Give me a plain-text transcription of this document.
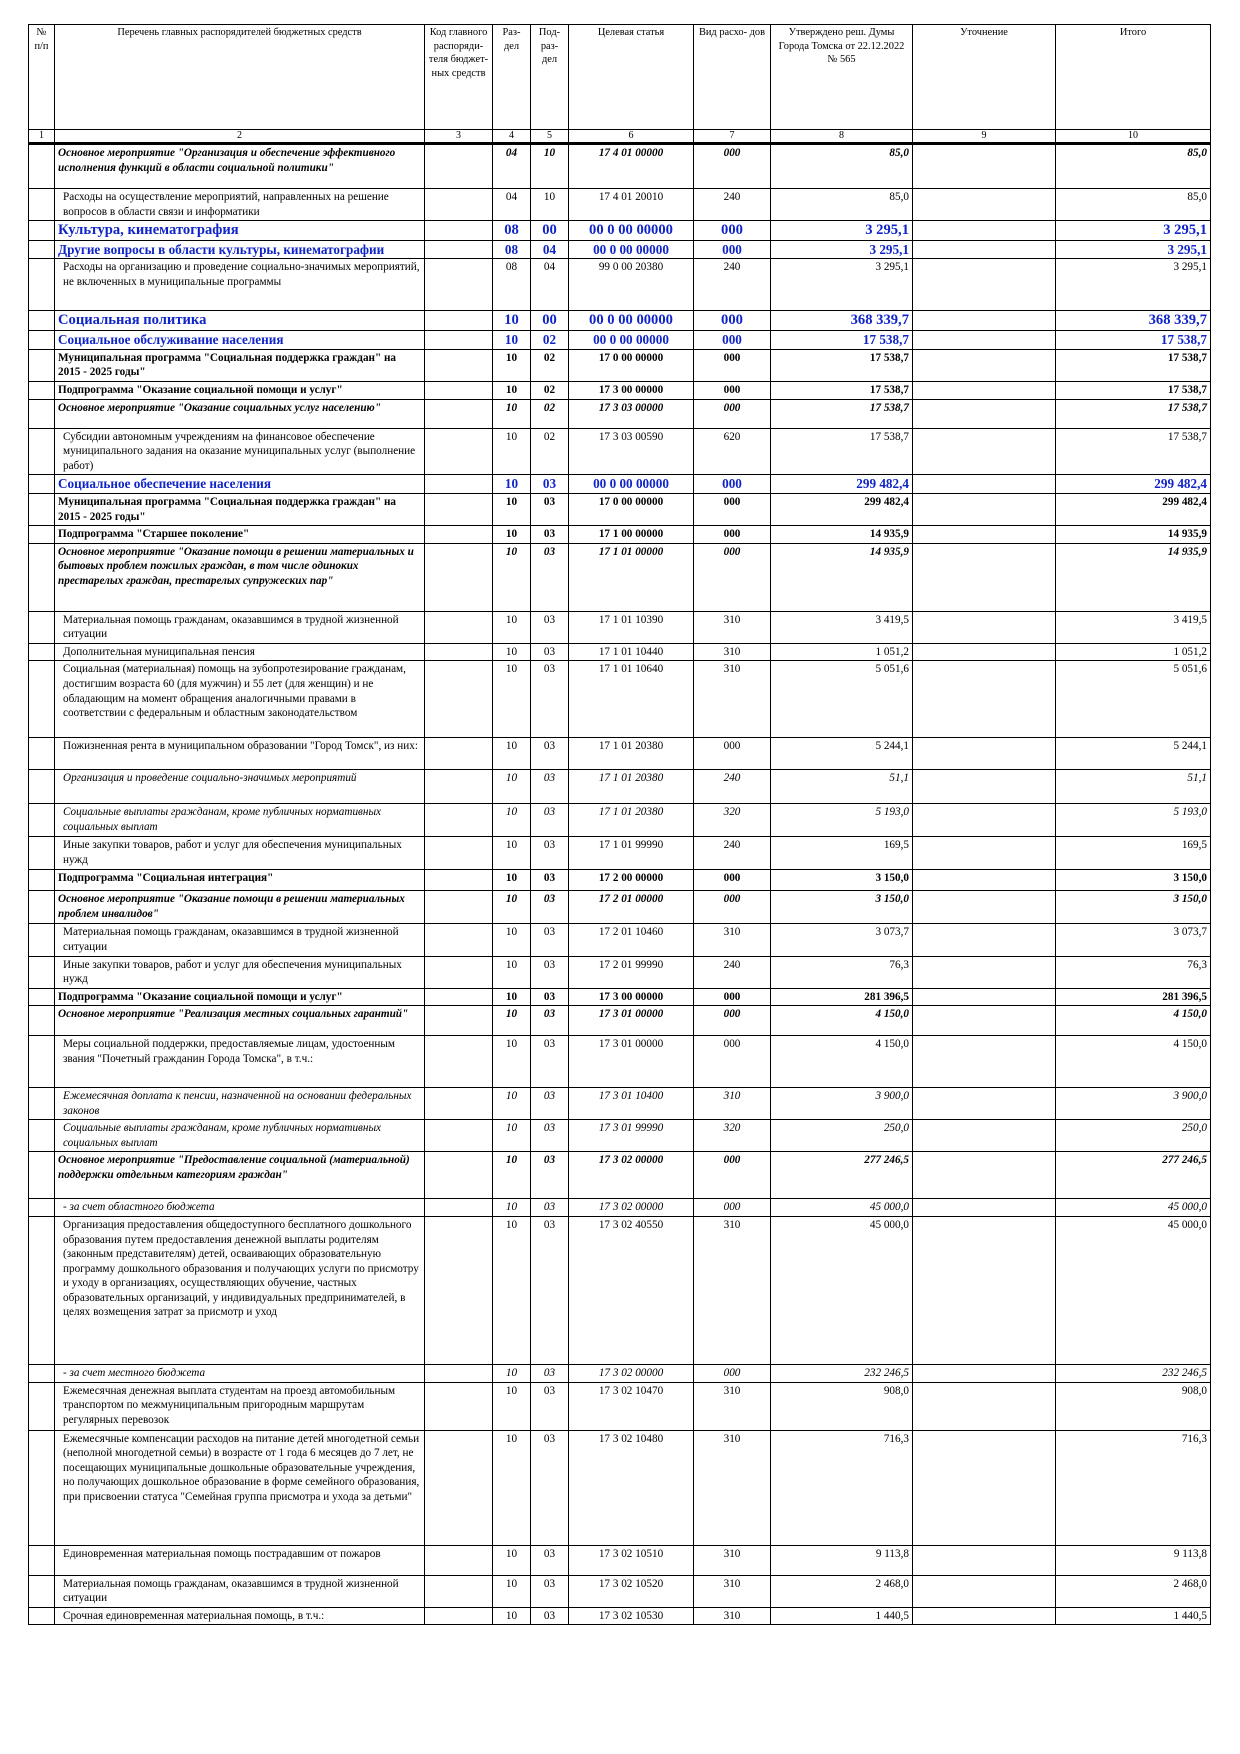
№ п/п	Перечень главных распорядителей бюджетных средств	Код главного распоряди- теля бюджет- ных средств	Раз- дел	Под- раз- дел	Целевая статья	Вид расхо- дов	Утверждено реш. Думы Города Томска от 22.12.2022 № 565	Уточнение	Итого
1	2	3	4	5	6	7	8	9	10
	Основное мероприятие "Организация и обеспечение эффективного исполнения функций в области социальной политики"		04	10	17 4 01 00000	000	85,0		85,0
	Расходы на осуществление мероприятий, направленных на решение вопросов в области связи и информатики		04	10	17 4 01 20010	240	85,0		85,0
	Культура, кинематография		08	00	00 0 00 00000	000	3 295,1		3 295,1
	Другие вопросы в области культуры, кинематографии		08	04	00 0 00 00000	000	3 295,1		3 295,1
	Расходы на организацию и проведение социально-значимых мероприятий, не включенных в муниципальные программы		08	04	99 0 00 20380	240	3 295,1		3 295,1
	Социальная политика		10	00	00 0 00 00000	000	368 339,7		368 339,7
	Социальное обслуживание населения		10	02	00 0 00 00000	000	17 538,7		17 538,7
	Муниципальная программа "Социальная поддержка граждан" на 2015 - 2025 годы"		10	02	17 0 00 00000	000	17 538,7		17 538,7
	Подпрограмма "Оказание социальной помощи и услуг"		10	02	17 3 00 00000	000	17 538,7		17 538,7
	Основное мероприятие "Оказание социальных услуг населению"		10	02	17 3 03 00000	000	17 538,7		17 538,7
	Субсидии автономным учреждениям на финансовое обеспечение муниципального задания на оказание муниципальных услуг (выполнение работ)		10	02	17 3 03 00590	620	17 538,7		17 538,7
	Социальное обеспечение населения		10	03	00 0 00 00000	000	299 482,4		299 482,4
	Муниципальная программа "Социальная поддержка граждан" на 2015 - 2025 годы"		10	03	17 0 00 00000	000	299 482,4		299 482,4
	Подпрограмма "Старшее поколение"		10	03	17 1 00 00000	000	14 935,9		14 935,9
	Основное мероприятие "Оказание помощи в решении материальных и бытовых проблем пожилых граждан, в том числе одиноких престарелых граждан, престарелых супружеских пар"		10	03	17 1 01 00000	000	14 935,9		14 935,9
	Материальная помощь гражданам, оказавшимся в трудной жизненной ситуации		10	03	17 1 01 10390	310	3 419,5		3 419,5
	Дополнительная муниципальная пенсия		10	03	17 1 01 10440	310	1 051,2		1 051,2
	Социальная (материальная) помощь на зубопротезирование гражданам, достигшим возраста 60 (для мужчин) и 55 лет (для женщин) и не обладающим на момент обращения аналогичными правами в соответствии с федеральным и областным законодательством		10	03	17 1 01 10640	310	5 051,6		5 051,6
	Пожизненная рента в муниципальном образовании "Город Томск", из них:		10	03	17 1 01 20380	000	5 244,1		5 244,1
	Организация и проведение социально-значимых мероприятий		10	03	17 1 01 20380	240	51,1		51,1
	Социальные выплаты гражданам, кроме публичных нормативных социальных выплат		10	03	17 1 01 20380	320	5 193,0		5 193,0
	Иные закупки товаров, работ и услуг для обеспечения муниципальных нужд		10	03	17 1 01 99990	240	169,5		169,5
	Подпрограмма "Социальная интеграция"		10	03	17 2 00 00000	000	3 150,0		3 150,0
	Основное мероприятие "Оказание помощи в решении материальных проблем инвалидов"		10	03	17 2 01 00000	000	3 150,0		3 150,0
	Материальная помощь гражданам, оказавшимся в трудной жизненной ситуации		10	03	17 2 01 10460	310	3 073,7		3 073,7
	Иные закупки товаров, работ и услуг для обеспечения муниципальных нужд		10	03	17 2 01 99990	240	76,3		76,3
	Подпрограмма "Оказание социальной помощи и услуг"		10	03	17 3 00 00000	000	281 396,5		281 396,5
	Основное мероприятие "Реализация местных социальных гарантий"		10	03	17 3 01 00000	000	4 150,0		4 150,0
	Меры социальной поддержки, предоставляемые лицам, удостоенным звания "Почетный гражданин Города Томска", в т.ч.:		10	03	17 3 01 00000	000	4 150,0		4 150,0
	Ежемесячная доплата к пенсии, назначенной на основании федеральных законов		10	03	17 3 01 10400	310	3 900,0		3 900,0
	Социальные выплаты гражданам, кроме публичных нормативных социальных выплат		10	03	17 3 01 99990	320	250,0		250,0
	Основное мероприятие "Предоставление социальной (материальной) поддержки отдельным категориям граждан"		10	03	17 3 02 00000	000	277 246,5		277 246,5
	- за счет областного бюджета		10	03	17 3 02 00000	000	45 000,0		45 000,0
	Организация предоставления общедоступного бесплатного дошкольного образования путем предоставления денежной выплаты родителям (законным представителям) детей, осваивающих образовательную программу дошкольного образования и получающих услуги по присмотру и уходу в организациях, осуществляющих обучение, частных образовательных организаций, у индивидуальных предпринимателей, в целях возмещения затрат за присмотр и уход		10	03	17 3 02 40550	310	45 000,0		45 000,0
	- за счет местного бюджета		10	03	17 3 02 00000	000	232 246,5		232 246,5
	Ежемесячная денежная выплата студентам на проезд автомобильным транспортом по межмуниципальным пригородным маршрутам регулярных перевозок		10	03	17 3 02 10470	310	908,0		908,0
	Ежемесячные компенсации расходов на питание детей многодетной семьи (неполной многодетной семьи) в возрасте от 1 года 6 месяцев до 7 лет, не посещающих муниципальные дошкольные образовательные учреждения, но получающих дошкольное образование в форме семейного образования, при присвоении статуса "Семейная группа присмотра и ухода за детьми"		10	03	17 3 02 10480	310	716,3		716,3
	Единовременная материальная помощь пострадавшим от пожаров		10	03	17 3 02 10510	310	9 113,8		9 113,8
	Материальная помощь гражданам, оказавшимся в трудной жизненной ситуации		10	03	17 3 02 10520	310	2 468,0		2 468,0
	Срочная единовременная материальная помощь, в т.ч.:		10	03	17 3 02 10530	310	1 440,5		1 440,5
